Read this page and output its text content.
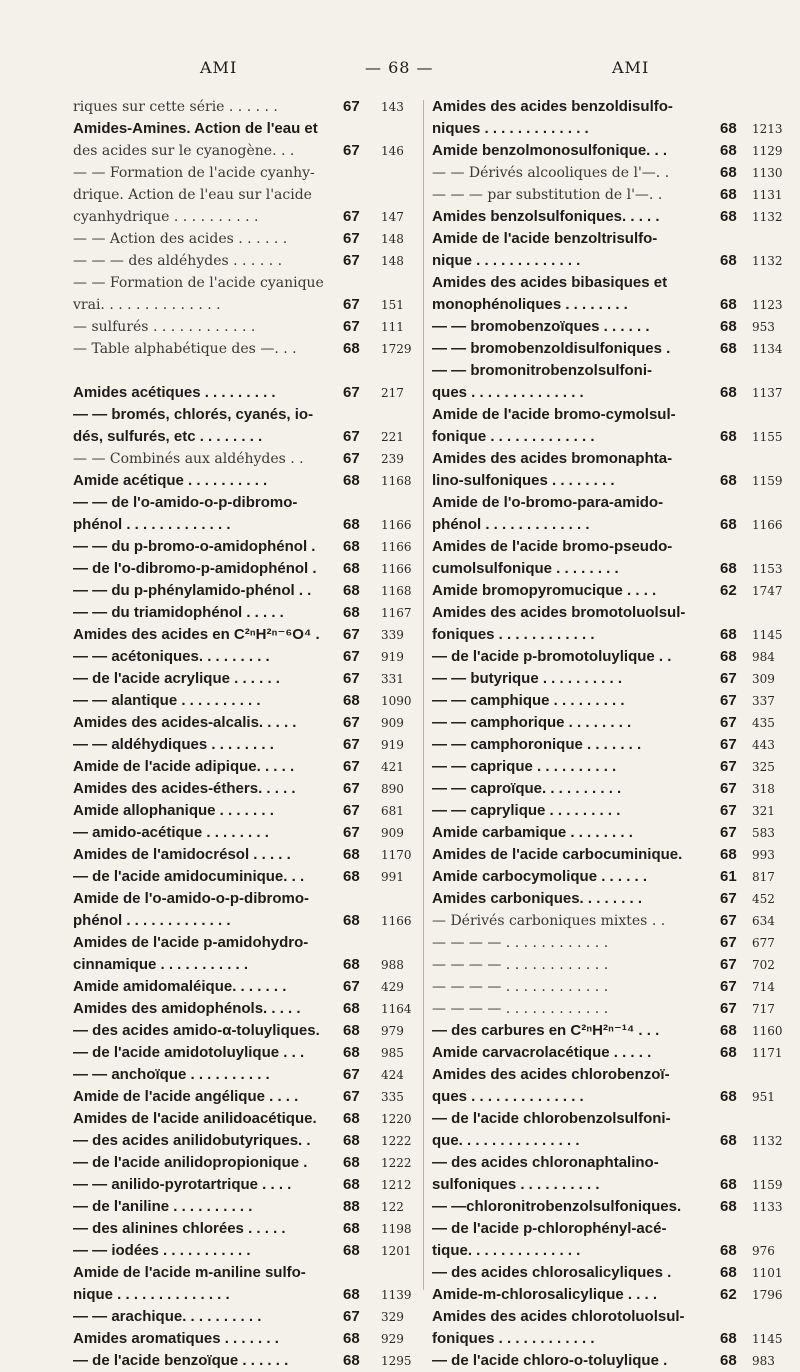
AMI	— 68 —	AMI
riques sur cette série . . . . . .	67 143
Amides-Amines. Action de l'eau et
des acides sur le cyanogène. . .	67 146
— — Formation de l'acide cyanhy-
drique. Action de l'eau sur l'acide
cyanhydrique . . . . . . . . . .	67 147
— — Action des acides . . . . . .	67 148
— — — des aldéhydes . . . . . .	67 148
— — Formation de l'acide cyanique
vrai. . . . . . . . . . . . . .	67 151
— sulfurés . . . . . . . . . . . .	67 111
— Table alphabétique des —. . .	68 1729
Amides acétiques . . . . . . . . .	67 217
— — bromés, chlorés, cyanés, io-
dés, sulfurés, etc . . . . . . . .	67 221
— — Combinés aux aldéhydes . .	67 239
Amide acétique . . . . . . . . . .	68 1168
— — de l'o-amido-o-p-dibromo-
phénol . . . . . . . . . . . . .	68 1166
— — du p-bromo-o-amidophénol . 68 1166
— de l'o-dibromo-p-amidophénol . 68 1166
— — du p-phénylamido-phénol . . 68 1168
— — du triamidophénol . . . . .	68 1167
Amides des acides en C²ⁿH²ⁿ⁻⁶O⁴ . 67 339
— — acétoniques. . . . . . . . .	67 919
— de l'acide acrylique . . . . . .	67 331
— — alantique . . . . . . . . . .	68 1090
Amides des acides-alcalis. . . . .	67 909
— — aldéhydiques . . . . . . . .	67 919
Amide de l'acide adipique. . . . .	67 421
Amides des acides-éthers. . . . .	67 890
Amide allophanique . . . . . . .	67 681
— amido-acétique . . . . . . . .	67 909
Amides de l'amidocrésol . . . . .	68 1170
— de l'acide amidocuminique. . .	68 991
Amide de l'o-amido-o-p-dibromo-
phénol . . . . . . . . . . . . .	68 1166
Amides de l'acide p-amidohydro-
cinnamique . . . . . . . . . . .	68 988
Amide amidomaléique. . . . . . .	67 429
Amides des amidophénols. . . . .	68 1164
— des acides amido-α-toluyliques. 68 979
— de l'acide amidotoluylique . . .	68 985
— — anchoïque . . . . . . . . . .	67 424
Amide de l'acide angélique . . . .	67 335
Amides de l'acide anilidoacétique. 68 1220
— des acides anilidobutyriques. . 68 1222
— de l'acide anilidopropionique . 68 1222
— — anilido-pyrotartrique . . . .	68 1212
— de l'aniline . . . . . . . . . .	88 122
— des alinines chlorées . . . . .	68 1198
— — iodées . . . . . . . . . . .	68 1201
Amide de l'acide m-aniline sulfo-
nique . . . . . . . . . . . . . .	68 1139
— — arachique. . . . . . . . . .	67 329
Amides aromatiques . . . . . . .	68 929
— de l'acide benzoïque . . . . . .	68 1295
Amides des acides benzoldisulfo-
niques . . . . . . . . . . . . .	68 1213
Amide benzolmonosulfonique. . .	68 1129
— — Dérivés alcooliques de l'—. .	68 1130
— — — par substitution de l'—. .	68 1131
Amides benzolsulfoniques. . . . .	68 1132
Amide de l'acide benzoltrisulfo-
nique . . . . . . . . . . . . .	68 1132
Amides des acides bibasiques et
monophénoliques . . . . . . . .	68 1123
— — bromobenzoïques . . . . . .	68 953
— — bromobenzoldisulfoniques .	68 1134
— — bromonitrobenzolsulfoni-
ques . . . . . . . . . . . . . .	68 1137
Amide de l'acide bromo-cymolsul-
fonique . . . . . . . . . . . . .	68 1155
Amides des acides bromonaphta-
lino-sulfoniques . . . . . . . .	68 1159
Amide de l'o-bromo-para-amido-
phénol . . . . . . . . . . . . .	68 1166
Amides de l'acide bromo-pseudo-
cumolsulfonique . . . . . . . .	68 1153
Amide bromopyromucique . . . .	62 1747
Amides des acides bromotoluolsul-
foniques . . . . . . . . . . . .	68 1145
— de l'acide p-bromotoluylique . .	68 984
— — butyrique . . . . . . . . . .	67 309
— — camphique . . . . . . . . .	67 337
— — camphorique . . . . . . . .	67 435
— — camphoronique . . . . . . .	67 443
— — caprique . . . . . . . . . .	67 325
— — caproïque. . . . . . . . . .	67 318
— — caprylique . . . . . . . . .	67 321
Amide carbamique . . . . . . . .	67 583
Amides de l'acide carbocuminique.	68 993
Amide carbocymolique . . . . . .	61 817
Amides carboniques. . . . . . . .	67 452
— Dérivés carboniques mixtes . .	67 634
— — — — . . . . . . . . . . . .	67 677
— — — — . . . . . . . . . . . .	67 702
— — — — . . . . . . . . . . . .	67 714
— — — — . . . . . . . . . . . .	67 717
— des carbures en C²ⁿH²ⁿ⁻¹⁴ . . .	68 1160
Amide carvacrolacétique . . . . .	68 1171
Amides des acides chlorobenzoï-
ques . . . . . . . . . . . . . .	68 951
— de l'acide chlorobenzolsulfoni-
que. . . . . . . . . . . . . . .	68 1132
— des acides chloronaphtalino-
sulfoniques . . . . . . . . . .	68 1159
— —chloronitrobenzolsulfoniques.	68 1133
— de l'acide p-chlorophényl-acé-
tique. . . . . . . . . . . . . .	68 976
— des acides chlorosalicyliques .	68 1101
Amide-m-chlorosalicylique . . . .	62 1796
Amides des acides chlorotoluolsul-
foniques . . . . . . . . . . . .	68 1145
— de l'acide chloro-o-toluylique .	68 983
